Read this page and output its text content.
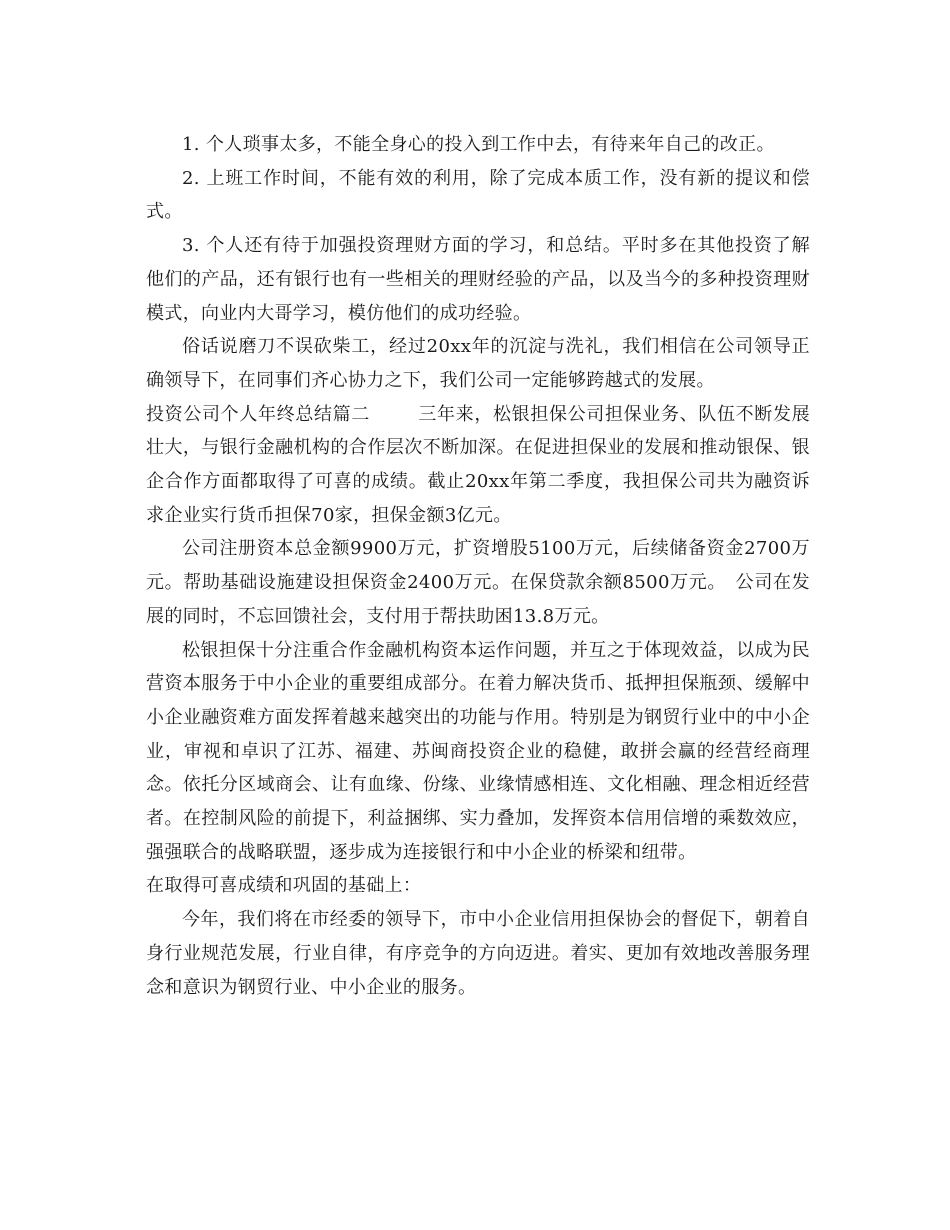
1. 个人琐事太多，不能全身心的投入到工作中去，有待来年自己的改正。

2. 上班工作时间，不能有效的利用，除了完成本质工作，没有新的提议和偿式。

3. 个人还有待于加强投资理财方面的学习，和总结。平时多在其他投资了解他们的产品，还有银行也有一些相关的理财经验的产品，以及当今的多种投资理财模式，向业内大哥学习，模仿他们的成功经验。

俗话说磨刀不误砍柴工，经过20xx年的沉淀与洗礼，我们相信在公司领导正确领导下，在同事们齐心协力之下，我们公司一定能够跨越式的发展。

投资公司个人年终总结篇二	三年来，松银担保公司担保业务、队伍不断发展壮大，与银行金融机构的合作层次不断加深。在促进担保业的发展和推动银保、银企合作方面都取得了可喜的成绩。截止20xx年第二季度，我担保公司共为融资诉求企业实行货币担保70家，担保金额3亿元。

公司注册资本总金额9900万元，扩资增股5100万元，后续储备资金2700万元。帮助基础设施建设担保资金2400万元。在保贷款余额8500万元。　公司在发展的同时，不忘回馈社会，支付用于帮扶助困13.8万元。

松银担保十分注重合作金融机构资本运作问题，并互之于体现效益，以成为民营资本服务于中小企业的重要组成部分。在着力解决货币、抵押担保瓶颈、缓解中小企业融资难方面发挥着越来越突出的功能与作用。特别是为钢贸行业中的中小企业，审视和卓识了江苏、福建、苏闽商投资企业的稳健，敢拼会赢的经营经商理念。依托分区域商会、让有血缘、份缘、业缘情感相连、文化相融、理念相近经营者。在控制风险的前提下，利益捆绑、实力叠加，发挥资本信用信增的乘数效应，强强联合的战略联盟，逐步成为连接银行和中小企业的桥梁和纽带。

在取得可喜成绩和巩固的基础上：

今年，我们将在市经委的领导下，市中小企业信用担保协会的督促下，朝着自身行业规范发展，行业自律，有序竞争的方向迈进。着实、更加有效地改善服务理念和意识为钢贸行业、中小企业的服务。
